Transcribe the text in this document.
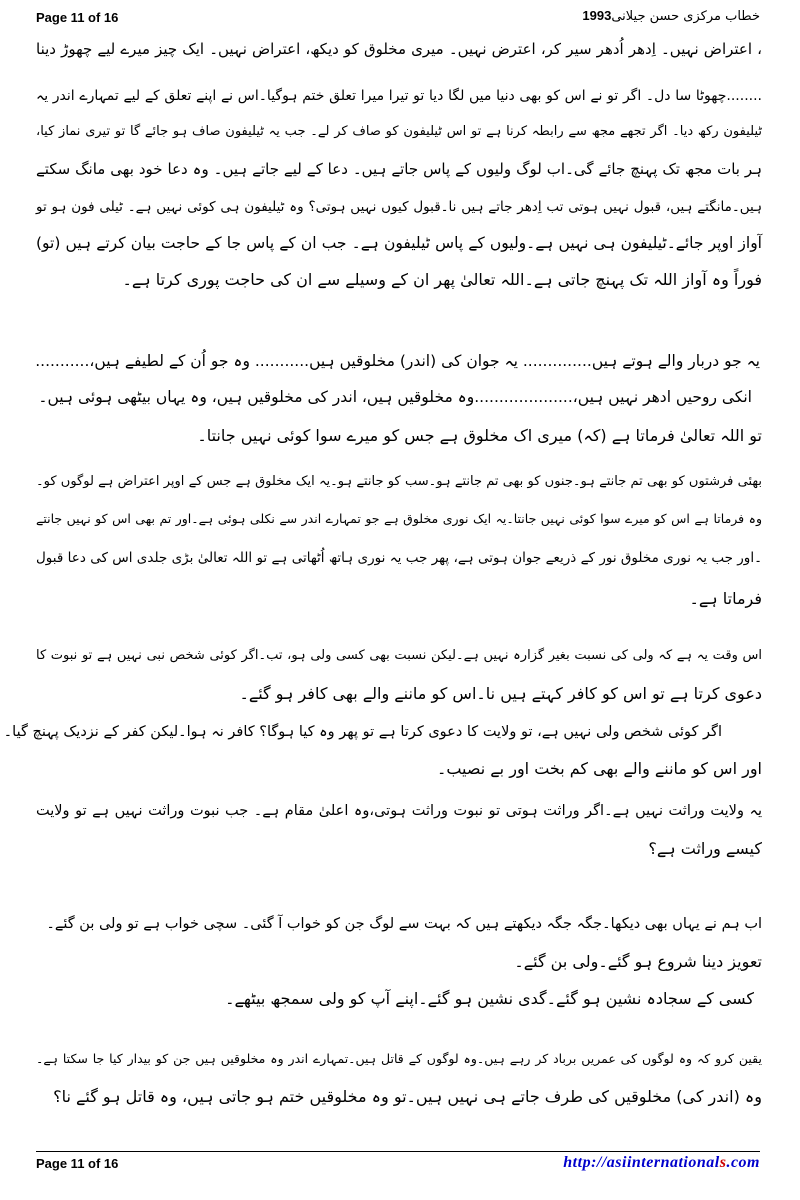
Page 11 of 16	خطاب مرکزی حسن جیلانی1993
، اعتراض نہیں۔ اِدھر اُدھر سیر کر، اعترض نہیں۔ میری مخلوق کو دیکھ، اعتراض نہیں۔ ایک چیز میرے لیے چھوڑ دینا
........چھوٹا سا دل۔ اگر تو نے اس کو بھی دنیا میں لگا دیا تو تیرا میرا تعلق ختم ہوگیا۔اس نے اپنے تعلق کے لیے تمہارے اندر یہ
ٹیلیفون رکھ دیا۔ اگر تجھے مجھ سے رابطہ کرنا ہے تو اس ٹیلیفون کو صاف کر لے۔ جب یہ ٹیلیفون صاف ہو جائے گا تو تیری نماز کیا،
ہر بات مجھ تک پہنچ جائے گی۔اب لوگ ولیوں کے پاس جاتے ہیں۔ دعا کے لیے جاتے ہیں۔ وہ دعا خود بھی مانگ سکتے
ہیں۔مانگتے ہیں، قبول نہیں ہوتی تب اِدھر جاتے ہیں نا۔قبول کیوں نہیں ہوتی؟ وہ ٹیلیفون ہی کوئی نہیں ہے۔ ٹیلی فون ہو تو
آواز اوپر جائے۔ٹیلیفون ہی نہیں ہے۔ولیوں کے پاس ٹیلیفون ہے۔ جب ان کے پاس جا کے حاجت بیان کرتے ہیں (تو)
فوراً وہ آواز اللہ تک پہنچ جاتی ہے۔اللہ تعالیٰ پھر ان کے وسیلے سے ان کی حاجت پوری کرتا ہے۔
یہ جو دربار والے ہوتے ہیں.............. یہ جوان کی (اندر) مخلوقیں ہیں........... وہ جو اُن کے لطیفے ہیں،...........
انکی روحیں ادھر نہیں ہیں،....................وہ مخلوقیں ہیں، اندر کی مخلوقیں ہیں، وہ یہاں بیٹھی ہوئی ہیں۔
تو اللہ تعالیٰ فرماتا ہے (کہ) میری اک مخلوق ہے جس کو میرے سوا کوئی نہیں جانتا۔
بھئی فرشتوں کو بھی تم جانتے ہو۔جنوں کو بھی تم جانتے ہو۔سب کو جانتے ہو۔یہ ایک مخلوق ہے جس کے اوپر اعتراض ہے لوگوں کو۔
وہ فرماتا ہے اس کو میرے سوا کوئی نہیں جانتا۔یہ ایک نوری مخلوق ہے جو تمہارے اندر سے نکلی ہوئی ہے۔اور تم بھی اس کو نہیں جانتے
۔اور جب یہ نوری مخلوق نور کے ذریعے جوان ہوتی ہے، پھر جب یہ نوری ہاتھ اُٹھاتی ہے تو اللہ تعالیٰ بڑی جلدی اس کی دعا قبول
فرماتا ہے۔
اس وقت یہ ہے کہ ولی کی نسبت بغیر گزارہ نہیں ہے۔لیکن نسبت بھی کسی ولی ہو، تب۔اگر کوئی شخص نبی نہیں ہے تو نبوت کا
دعوی کرتا ہے تو اس کو کافر کہتے ہیں نا۔اس کو ماننے والے بھی کافر ہو گئے۔
اگر کوئی شخص ولی نہیں ہے، تو ولایت کا دعوی کرتا ہے تو پھر وہ کیا ہوگا؟ کافر نہ ہوا۔لیکن کفر کے نزدیک پہنچ گیا۔
اور اس کو ماننے والے بھی کم بخت اور بے نصیب۔
یہ ولایت وراثت نہیں ہے۔اگر وراثت ہوتی تو نبوت وراثت ہوتی،وہ اعلیٰ مقام ہے۔ جب نبوت وراثت نہیں ہے تو ولایت
کیسے وراثت ہے؟
اب ہم نے یہاں بھی دیکھا۔جگہ جگہ دیکھتے ہیں کہ بہت سے لوگ جن کو خواب آ گئی۔ سچی خواب ہے تو ولی بن گئے۔
تعویز دینا شروع ہو گئے۔ولی بن گئے۔
کسی کے سجادہ نشین ہو گئے۔گدی نشین ہو گئے۔اپنے آپ کو ولی سمجھ بیٹھے۔
یقین کرو کہ وہ لوگوں کی عمریں برباد کر رہے ہیں۔وہ لوگوں کے قاتل ہیں۔تمہارے اندر وہ مخلوقیں ہیں جن کو بیدار کیا جا سکتا ہے۔
وہ (اندر کی) مخلوقیں کی طرف جاتے ہی نہیں ہیں۔تو وہ مخلوقیں ختم ہو جاتی ہیں، وہ قاتل ہو گئے نا؟
Page 11 of 16	http://asiinternationals.com
